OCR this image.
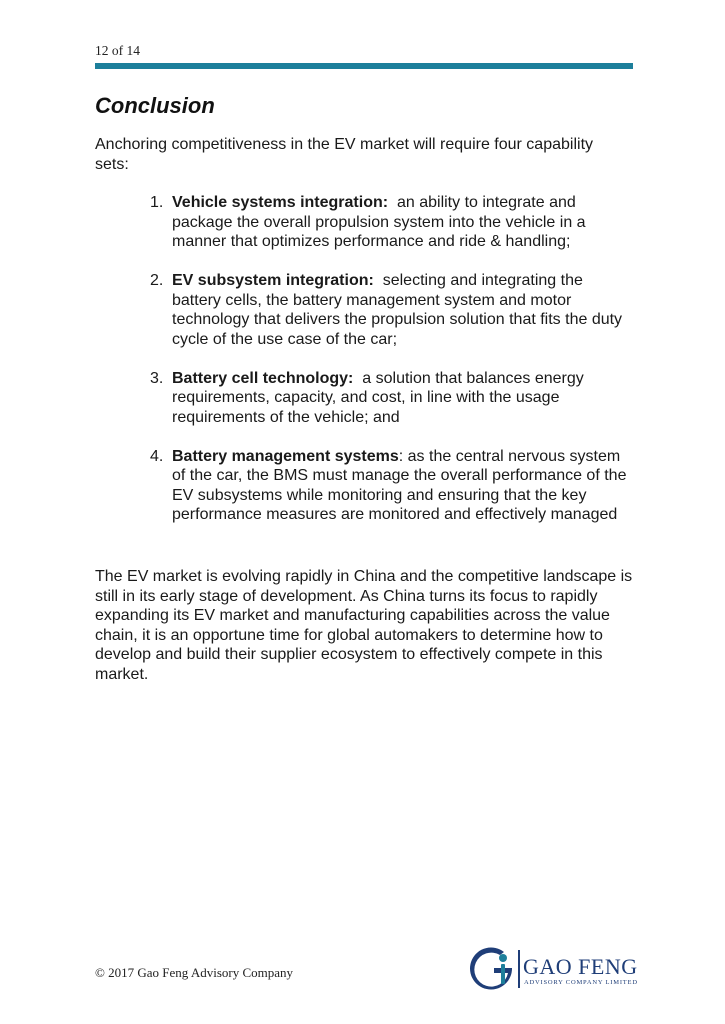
12 of 14
Conclusion

Anchoring competitiveness in the EV market will require four capability sets:

1. Vehicle systems integration: an ability to integrate and package the overall propulsion system into the vehicle in a manner that optimizes performance and ride & handling;
2. EV subsystem integration: selecting and integrating the battery cells, the battery management system and motor technology that delivers the propulsion solution that fits the duty cycle of the use case of the car;
3. Battery cell technology: a solution that balances energy requirements, capacity, and cost, in line with the usage requirements of the vehicle; and
4. Battery management systems: as the central nervous system of the car, the BMS must manage the overall performance of the EV subsystems while monitoring and ensuring that the key performance measures are monitored and effectively managed

The EV market is evolving rapidly in China and the competitive landscape is still in its early stage of development. As China turns its focus to rapidly expanding its EV market and manufacturing capabilities across the value chain, it is an opportune time for global automakers to determine how to develop and build their supplier ecosystem to effectively compete in this market.

© 2017 Gao Feng Advisory Company	GAO FENG
ADVISORY COMPANY LIMITED
